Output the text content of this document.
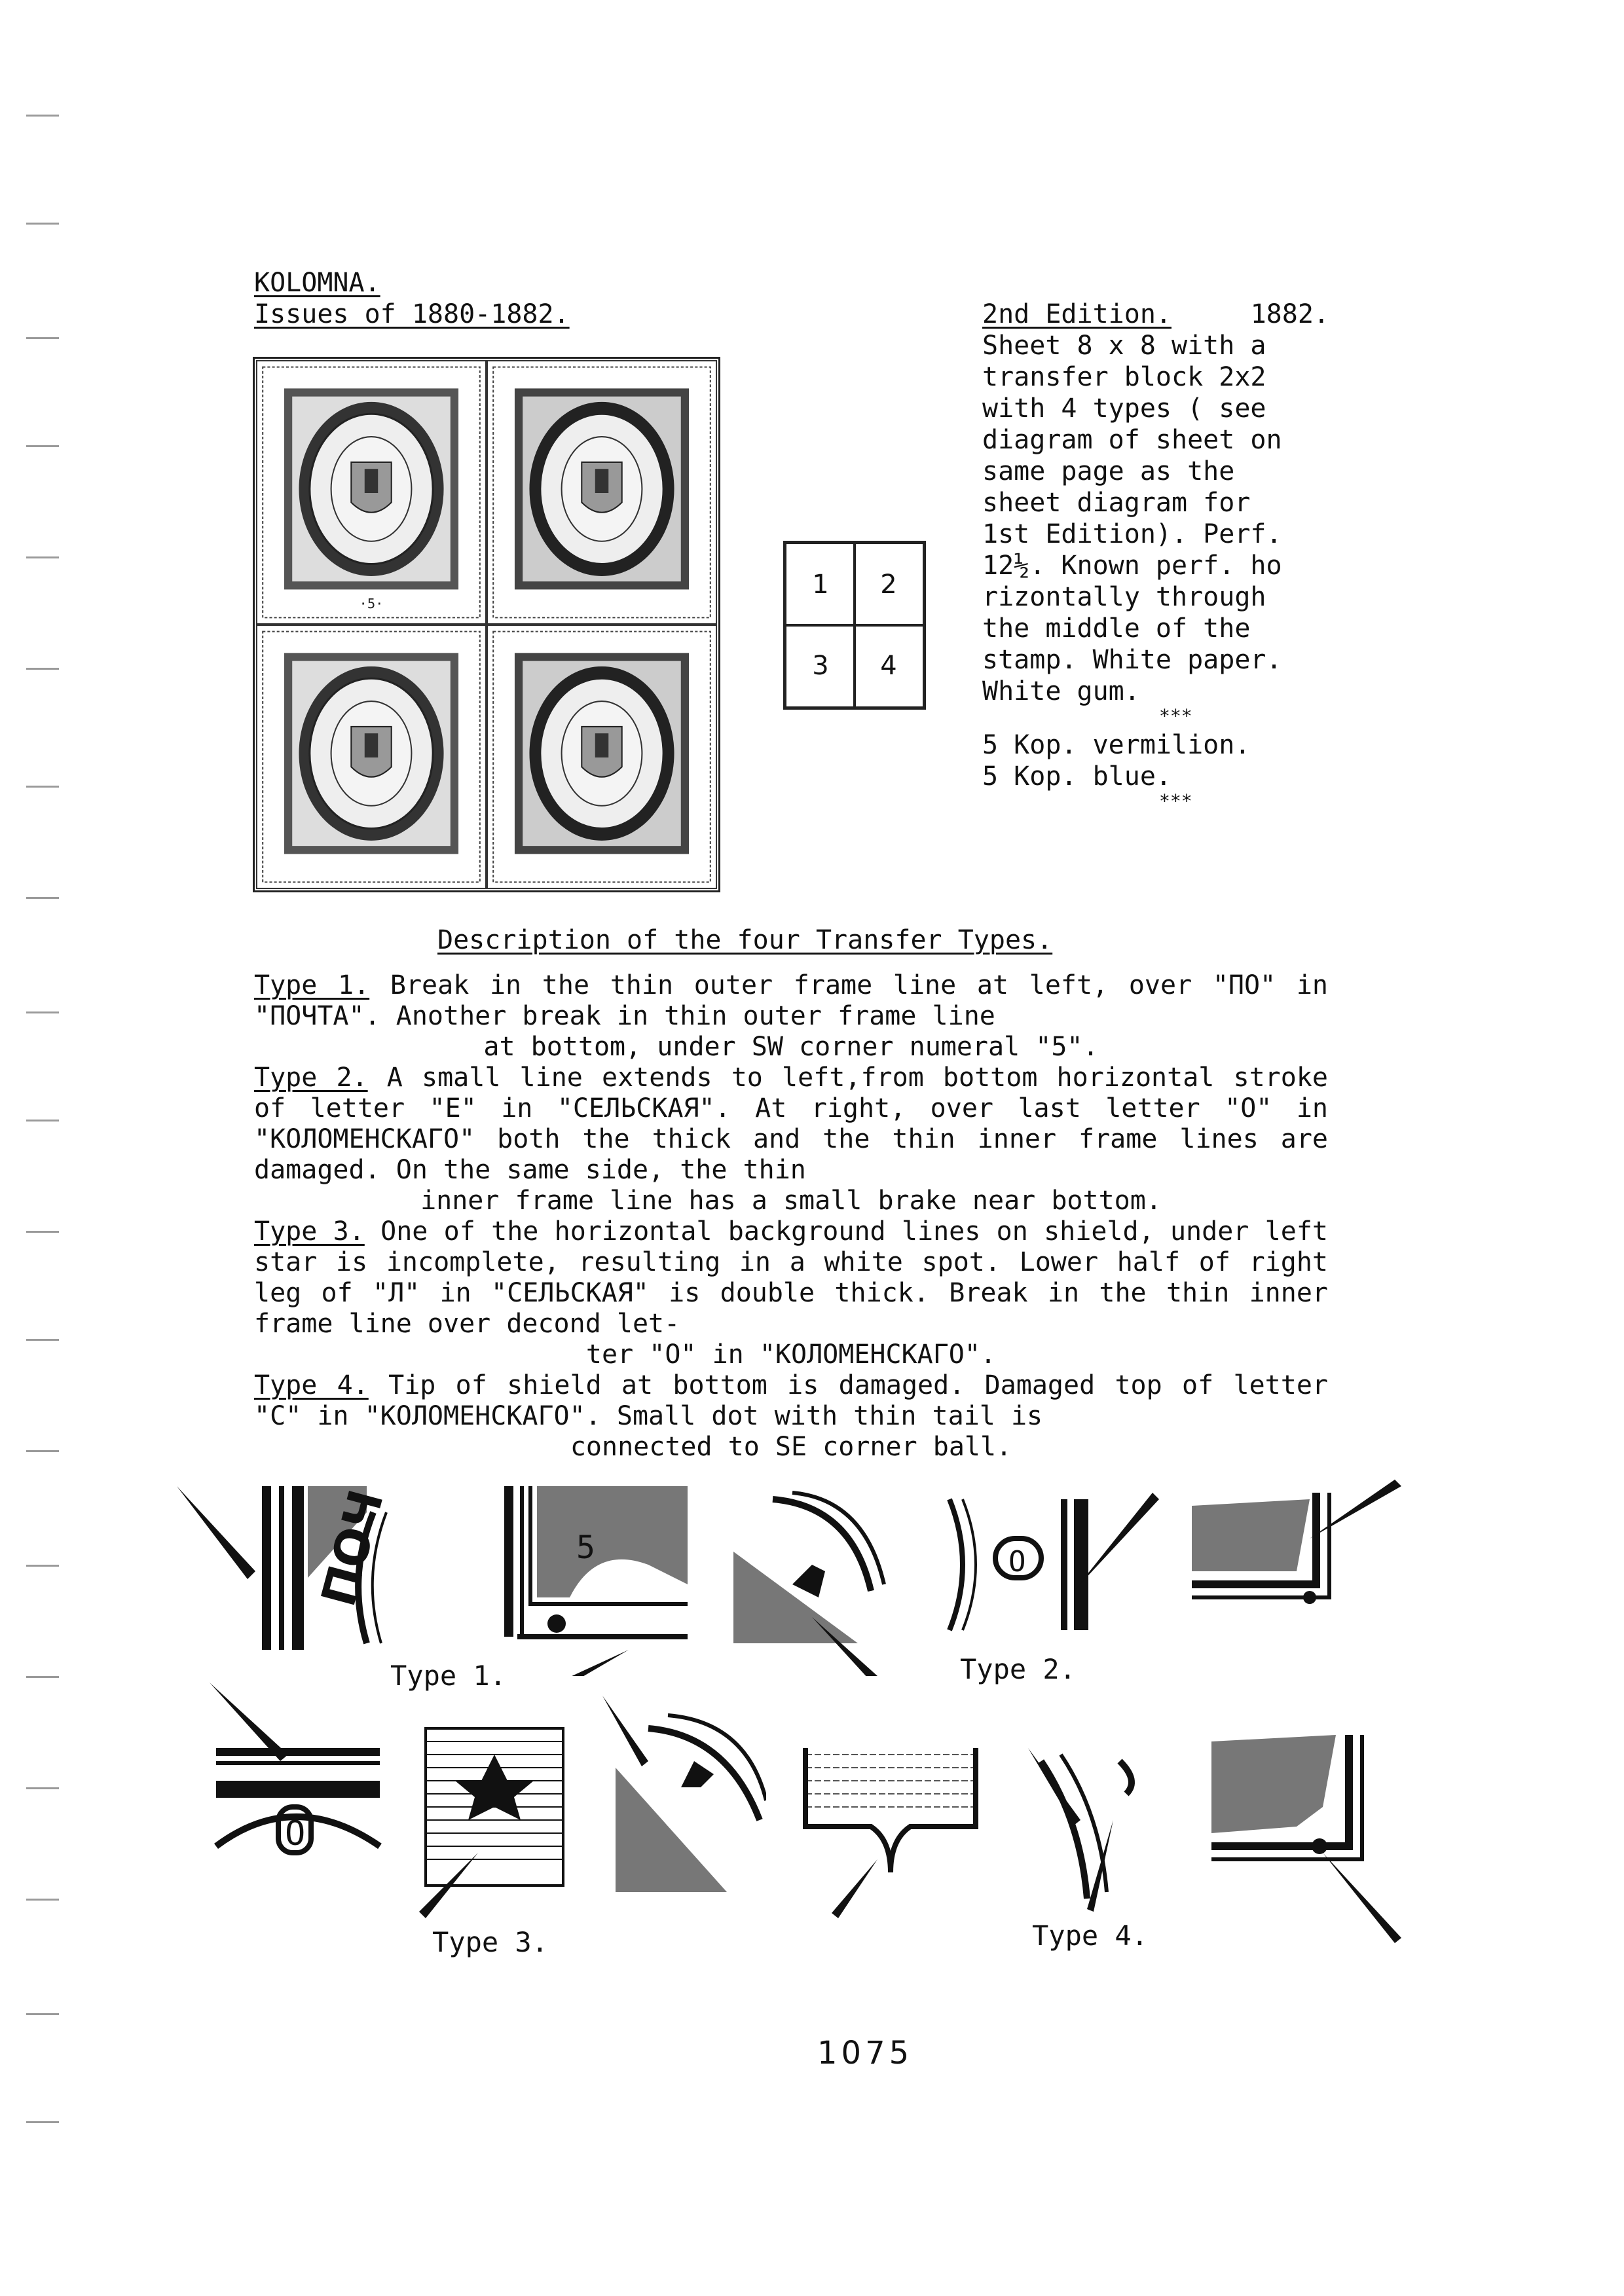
KOLOMNA.
Issues of 1880-1882.
·5·
1	2
3	4
2nd Edition.	1882.
Sheet 8 x 8 with a
transfer block 2x2
with 4 types ( see
diagram of sheet on
same page as the
sheet diagram for
1st Edition). Perf.
12½. Known perf. ho
rizontally through
the middle of the
stamp. White paper.
White gum.
***
5 Kop. vermilion.
5 Kop. blue.
***
Description of the four Transfer Types.
Type 1. Break in the thin outer frame line at left, over "ПО" in "ПОЧТА". Another break in thin outer frame line
at bottom, under SW corner numeral "5".
Type 2. A small line extends to left,from bottom horizontal stroke of letter "E" in "СЕЛЬСКАЯ". At right, over last letter "O" in "КОЛОМЕНСКАГО" both the thick and the thin inner frame lines are damaged. On the same side, the thin
inner frame line has a small brake near bottom.
Type 3. One of the horizontal background lines on shield, under left star is incomplete, resulting in a white spot. Lower half of right leg of "Л" in "СЕЛЬСКАЯ" is double thick. Break in the thin inner frame line over decond let-
ter "O" in "КОЛОМЕНСКАГО".
Type 4. Tip of shield at bottom is damaged. Damaged top of letter "C" in "КОЛОМЕНСКАГО". Small dot with thin tail is
connected to SE corner ball.
ПОЧ	5
Type 1.
O
Type 2.
O
Type 3.	Type 4.
1075
